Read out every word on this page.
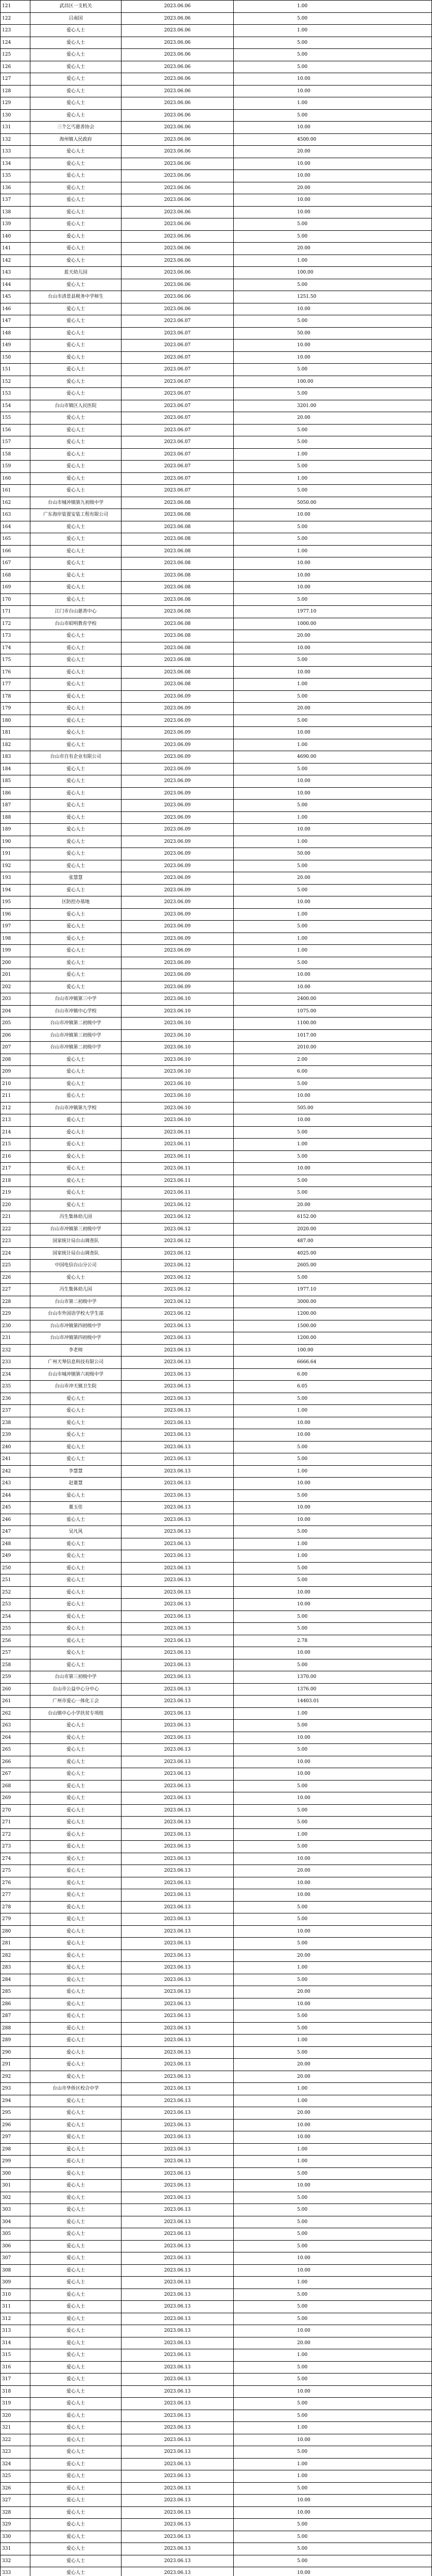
121	武昌区一支机关	2023.06.06	1.00
122	吕南国	2023.06.06	5.00
123	爱心人士	2023.06.06	1.00
124	爱心人士	2023.06.06	5.00
125	爱心人士	2023.06.06	5.00
126	爱心人士	2023.06.06	5.00
127	爱心人士	2023.06.06	10.00
128	爱心人士	2023.06.06	10.00
129	爱心人士	2023.06.06	1.00
130	爱心人士	2023.06.06	5.00
131	三个乞丐慈善协会	2023.06.06	10.00
132	海州镇人民政府	2023.06.06	4500.00
133	爱心人士	2023.06.06	20.00
134	爱心人士	2023.06.06	10.00
135	爱心人士	2023.06.06	10.00
136	爱心人士	2023.06.06	20.00
137	爱心人士	2023.06.06	10.00
138	爱心人士	2023.06.06	10.00
139	爱心人士	2023.06.06	5.00
140	爱心人士	2023.06.06	5.00
141	爱心人士	2023.06.06	20.00
142	爱心人士	2023.06.06	1.00
143	蓝天幼儿园	2023.06.06	100.00
144	爱心人士	2023.06.06	5.00
145	台山市清景县税务中学师生	2023.06.06	1251.50
146	爱心人士	2023.06.06	10.00
147	爱心人士	2023.06.07	5.00
148	爱心人士	2023.06.07	50.00
149	爱心人士	2023.06.07	10.00
150	爱心人士	2023.06.07	10.00
151	爱心人士	2023.06.07	5.00
152	爱心人士	2023.06.07	100.00
153	爱心人士	2023.06.07	5.00
154	台山市镇区人民医院	2023.06.07	3201.00
155	爱心人士	2023.06.07	20.00
156	爱心人士	2023.06.07	5.00
157	爱心人士	2023.06.07	5.00
158	爱心人士	2023.06.07	1.00
159	爱心人士	2023.06.07	5.00
160	爱心人士	2023.06.07	1.00
161	爱心人士	2023.06.07	5.00
162	台山市城冲镇第九初级中学	2023.06.08	5050.00
163	广东海岸装置安装工程有限公司	2023.06.08	10.00
164	爱心人士	2023.06.08	5.00
165	爱心人士	2023.06.08	5.00
166	爱心人士	2023.06.08	1.00
167	爱心人士	2023.06.08	10.00
168	爱心人士	2023.06.08	10.00
169	爱心人士	2023.06.08	10.00
170	爱心人士	2023.06.08	5.00
171	江门市台山慈善中心	2023.06.08	1977.10
172	台山市昭明教育学校	2023.06.08	1000.00
173	爱心人士	2023.06.08	20.00
174	爱心人士	2023.06.08	10.00
175	爱心人士	2023.06.08	5.00
176	爱心人士	2023.06.08	10.00
177	爱心人士	2023.06.08	1.00
178	爱心人士	2023.06.09	5.00
179	爱心人士	2023.06.09	20.00
180	爱心人士	2023.06.09	5.00
181	爱心人士	2023.06.09	10.00
182	爱心人士	2023.06.09	1.00
183	台山市自有企业有限公司	2023.06.09	4690.00
184	爱心人士	2023.06.09	5.00
185	爱心人士	2023.06.09	10.00
186	爱心人士	2023.06.09	10.00
187	爱心人士	2023.06.09	5.00
188	爱心人士	2023.06.09	1.00
189	爱心人士	2023.06.09	10.00
190	爱心人士	2023.06.09	1.00
191	爱心人士	2023.06.09	50.00
192	爱心人士	2023.06.09	5.00
193	张慧慧	2023.06.09	20.00
194	爱心人士	2023.06.09	5.00
195	区防控办基地	2023.06.09	10.00
196	爱心人士	2023.06.09	1.00
197	爱心人士	2023.06.09	5.00
198	爱心人士	2023.06.09	1.00
199	爱心人士	2023.06.09	1.00
200	爱心人士	2023.06.09	5.00
201	爱心人士	2023.06.09	10.00
202	爱心人士	2023.06.09	10.00
203	台山市冲镇第三中学	2023.06.10	2400.00
204	台山市冲镇中心学校	2023.06.10	1075.00
205	台山市冲镇第二初级中学	2023.06.10	1100.00
206	台山市冲镇第三初级中学	2023.06.10	1017.00
207	台山市冲镇第二初级中学	2023.06.10	2010.00
208	爱心人士	2023.06.10	2.00
209	爱心人士	2023.06.10	6.00
210	爱心人士	2023.06.10	5.00
211	爱心人士	2023.06.10	10.00
212	台山市冲镇第九学校	2023.06.10	505.00
213	爱心人士	2023.06.10	10.00
214	爱心人士	2023.06.11	5.00
215	爱心人士	2023.06.11	1.00
216	爱心人士	2023.06.11	5.00
217	爱心人士	2023.06.11	10.00
218	爱心人士	2023.06.11	5.00
219	爱心人士	2023.06.11	5.00
220	爱心人士	2023.06.12	20.00
221	冯生集体幼儿园	2023.06.12	6152.00
222	台山市冲镇第三初级中学	2023.06.12	2020.00
223	国家统计局台山调查队	2023.06.12	487.00
224	国家统计局台山调查队	2023.06.12	4025.00
225	中国电信台山分公司	2023.06.12	2605.00
226	爱心人士	2023.06.12	5.00
227	冯生集体幼儿园	2023.06.12	1977.10
228	台山市第二初级中学	2023.06.12	3000.00
229	台山市外国语学校大学生部	2023.06.12	1200.00
230	台山市冲镇第四初级中学	2023.06.13	1500.00
231	台山市冲镇第四初级中学	2023.06.13	1200.00
232	李老师	2023.06.13	100.00
233	广州天琴信息科技有限公司	2023.06.13	6666.64
234	台山市城冲镇第六初级中学	2023.06.13	6.00
235	台山市冲天镇卫生院	2023.06.13	6.05
236	爱心人士	2023.06.13	5.00
237	爱心人士	2023.06.13	1.00
238	爱心人士	2023.06.13	10.00
239	爱心人士	2023.06.13	10.00
240	爱心人士	2023.06.13	5.00
241	爱心人士	2023.06.13	5.00
242	李慧慧	2023.06.13	1.00
243	赵董慧	2023.06.13	10.00
244	爱心人士	2023.06.13	5.00
245	董玉佳	2023.06.13	10.00
246	爱心人士	2023.06.13	10.00
247	吴凡风	2023.06.13	5.00
248	爱心人士	2023.06.13	1.00
249	爱心人士	2023.06.13	1.00
250	爱心人士	2023.06.13	5.00
251	爱心人士	2023.06.13	5.00
252	爱心人士	2023.06.13	10.00
253	爱心人士	2023.06.13	10.00
254	爱心人士	2023.06.13	5.00
255	爱心人士	2023.06.13	5.00
256	爱心人士	2023.06.13	2.78
257	爱心人士	2023.06.13	10.00
258	爱心人士	2023.06.13	5.00
259	台山市第三初级中学	2023.06.13	1370.00
260	台山市公益中心分中心	2023.06.13	1376.00
261	广州市爱心一体化工会	2023.06.13	14403.01
262	台山镇中心小学扶贫专项组	2023.06.13	1.00
263	爱心人士	2023.06.13	5.00
264	爱心人士	2023.06.13	10.00
265	爱心人士	2023.06.13	5.00
266	爱心人士	2023.06.13	10.00
267	爱心人士	2023.06.13	10.00
268	爱心人士	2023.06.13	5.00
269	爱心人士	2023.06.13	10.00
270	爱心人士	2023.06.13	5.00
271	爱心人士	2023.06.13	5.00
272	爱心人士	2023.06.13	1.00
273	爱心人士	2023.06.13	5.00
274	爱心人士	2023.06.13	10.00
275	爱心人士	2023.06.13	20.00
276	爱心人士	2023.06.13	10.00
277	爱心人士	2023.06.13	10.00
278	爱心人士	2023.06.13	5.00
279	爱心人士	2023.06.13	5.00
280	爱心人士	2023.06.13	10.00
281	爱心人士	2023.06.13	5.00
282	爱心人士	2023.06.13	20.00
283	爱心人士	2023.06.13	1.00
284	爱心人士	2023.06.13	5.00
285	爱心人士	2023.06.13	20.00
286	爱心人士	2023.06.13	10.00
287	爱心人士	2023.06.13	5.00
288	爱心人士	2023.06.13	5.00
289	爱心人士	2023.06.13	1.00
290	爱心人士	2023.06.13	5.00
291	爱心人士	2023.06.13	20.00
292	爱心人士	2023.06.13	20.00
293	台山市华侨区校合中学	2023.06.13	1.00
294	爱心人士	2023.06.13	1.00
295	爱心人士	2023.06.13	20.00
296	爱心人士	2023.06.13	10.00
297	爱心人士	2023.06.13	10.00
298	爱心人士	2023.06.13	1.00
299	爱心人士	2023.06.13	1.00
300	爱心人士	2023.06.13	5.00
301	爱心人士	2023.06.13	10.00
302	爱心人士	2023.06.13	5.00
303	爱心人士	2023.06.13	5.00
304	爱心人士	2023.06.13	5.00
305	爱心人士	2023.06.13	5.00
306	爱心人士	2023.06.13	5.00
307	爱心人士	2023.06.13	10.00
308	爱心人士	2023.06.13	10.00
309	爱心人士	2023.06.13	1.00
310	爱心人士	2023.06.13	5.00
311	爱心人士	2023.06.13	5.00
312	爱心人士	2023.06.13	5.00
313	爱心人士	2023.06.13	10.00
314	爱心人士	2023.06.13	20.00
315	爱心人士	2023.06.13	1.00
316	爱心人士	2023.06.13	5.00
317	爱心人士	2023.06.13	5.00
318	爱心人士	2023.06.13	10.00
319	爱心人士	2023.06.13	5.00
320	爱心人士	2023.06.13	5.00
321	爱心人士	2023.06.13	1.00
322	爱心人士	2023.06.13	10.00
323	爱心人士	2023.06.13	5.00
324	爱心人士	2023.06.13	1.00
325	爱心人士	2023.06.13	1.00
326	爱心人士	2023.06.13	5.00
327	爱心人士	2023.06.13	10.00
328	爱心人士	2023.06.13	10.00
329	爱心人士	2023.06.13	5.00
330	爱心人士	2023.06.13	5.00
331	爱心人士	2023.06.13	5.00
332	爱心人士	2023.06.13	5.00
333	爱心人士	2023.06.13	10.00
